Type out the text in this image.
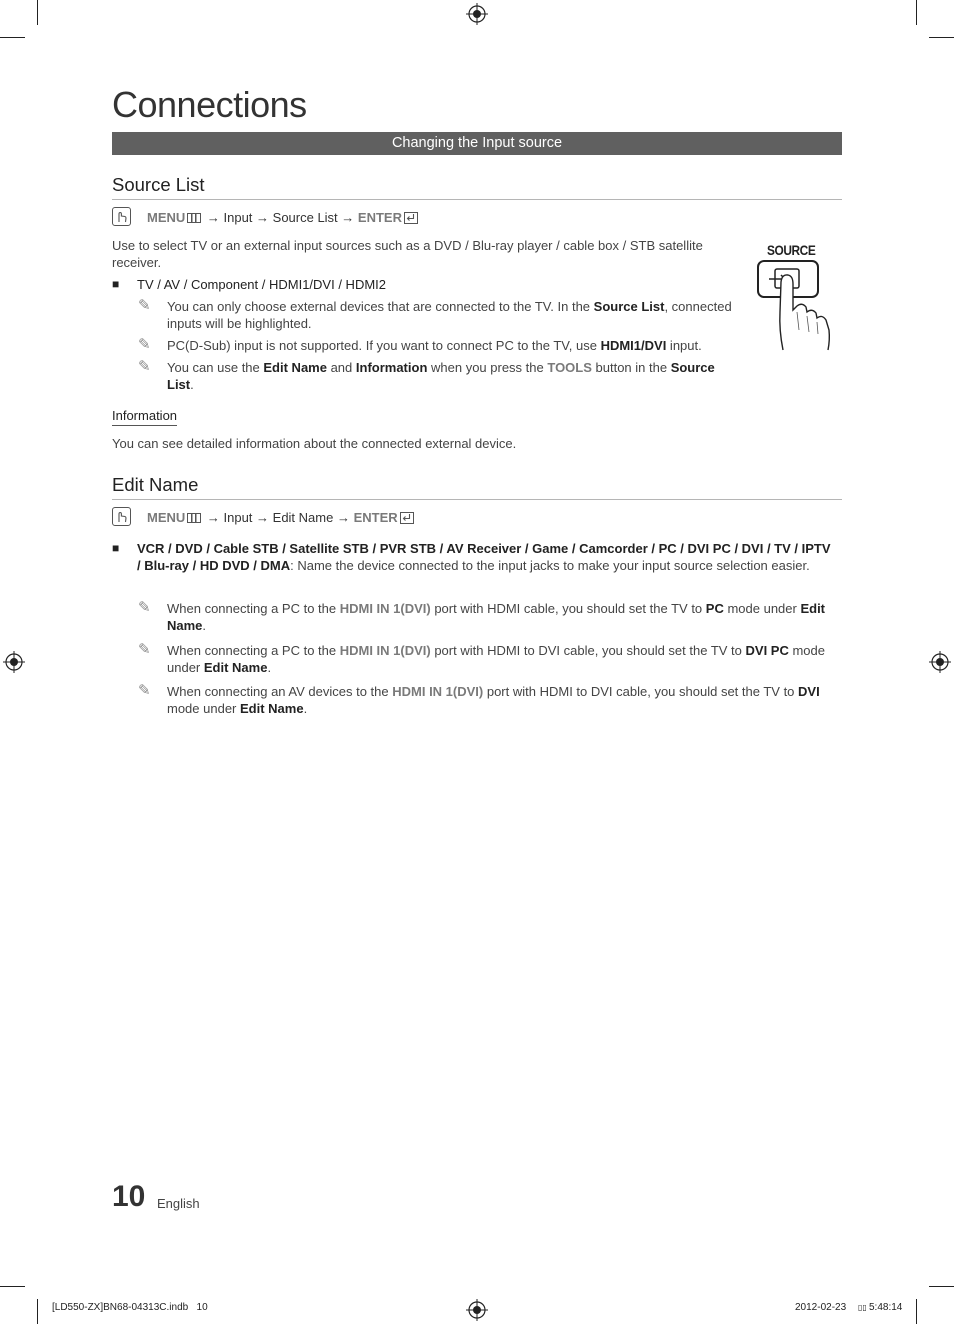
Connections
Changing the Input source
Source List
MENU → Input → Source List → ENTER
Use to select TV or an external input sources such as a DVD / Blu-ray player / cable box / STB satellite receiver.
■ TV / AV / Component / HDMI1/DVI / HDMI2
✎ You can only choose external devices that are connected to the TV. In the Source List, connected inputs will be highlighted.
✎ PC(D-Sub) input is not supported. If you want to connect PC to the TV, use HDMI1/DVI input.
✎ You can use the Edit Name and Information when you press the TOOLS button in the Source List.
SOURCE
Information
You can see detailed information about the connected external device.
Edit Name
MENU → Input → Edit Name → ENTER
■ VCR / DVD / Cable STB / Satellite STB / PVR STB / AV Receiver / Game / Camcorder / PC / DVI PC / DVI / TV / IPTV / Blu-ray / HD DVD / DMA: Name the device connected to the input jacks to make your input source selection easier.
✎ When connecting a PC to the HDMI IN 1(DVI) port with HDMI cable, you should set the TV to PC mode under Edit Name.
✎ When connecting a PC to the HDMI IN 1(DVI) port with HDMI to DVI cable, you should set the TV to DVI PC mode under Edit Name.
✎ When connecting an AV devices to the HDMI IN 1(DVI) port with HDMI to DVI cable, you should set the TV to DVI mode under Edit Name.
10 English
[LD550-ZX]BN68-04313C.indb   10	2012-02-23 ▯▯ 5:48:14
